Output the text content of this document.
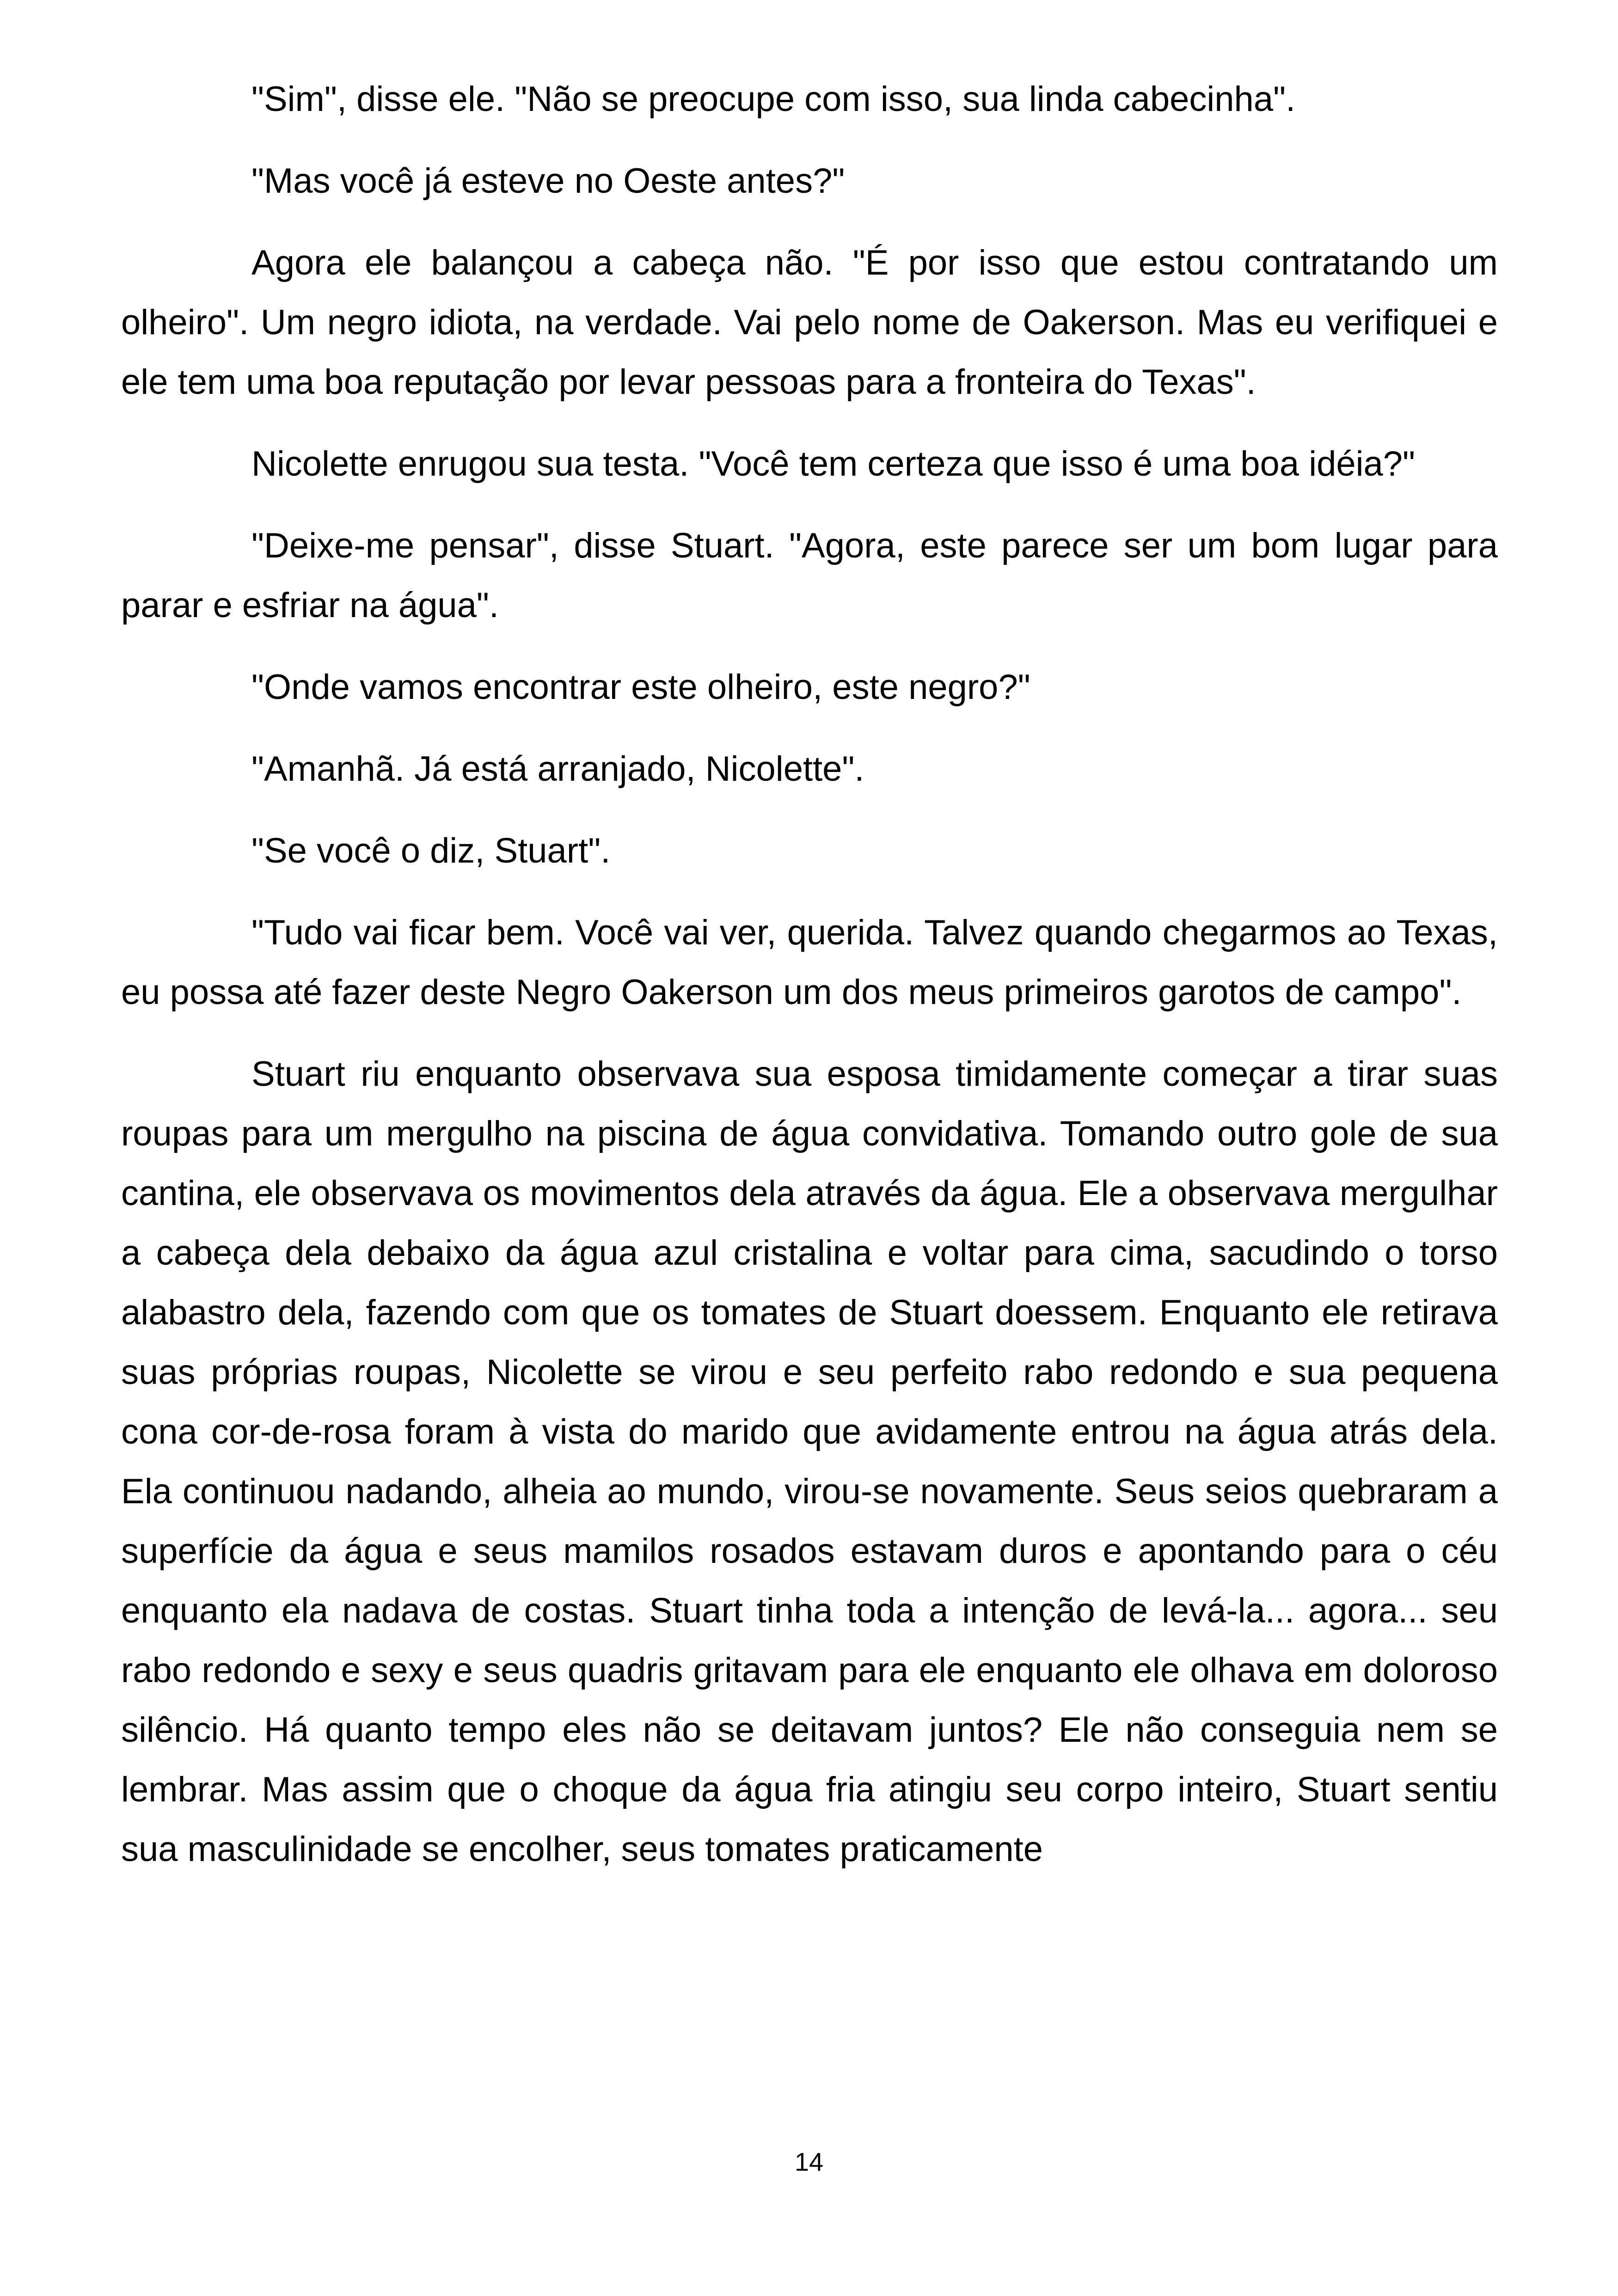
"Sim", disse ele. "Não se preocupe com isso, sua linda cabecinha".

"Mas você já esteve no Oeste antes?"

Agora ele balançou a cabeça não. "É por isso que estou contratando um olheiro". Um negro idiota, na verdade. Vai pelo nome de Oakerson. Mas eu verifiquei e ele tem uma boa reputação por levar pessoas para a fronteira do Texas".

Nicolette enrugou sua testa. "Você tem certeza que isso é uma boa idéia?"

"Deixe-me pensar", disse Stuart. "Agora, este parece ser um bom lugar para parar e esfriar na água".

"Onde vamos encontrar este olheiro, este negro?"

"Amanhã. Já está arranjado, Nicolette".

"Se você o diz, Stuart".

"Tudo vai ficar bem. Você vai ver, querida. Talvez quando chegarmos ao Texas, eu possa até fazer deste Negro Oakerson um dos meus primeiros garotos de campo".

Stuart riu enquanto observava sua esposa timidamente começar a tirar suas roupas para um mergulho na piscina de água convidativa. Tomando outro gole de sua cantina, ele observava os movimentos dela através da água. Ele a observava mergulhar a cabeça dela debaixo da água azul cristalina e voltar para cima, sacudindo o torso alabastro dela, fazendo com que os tomates de Stuart doessem. Enquanto ele retirava suas próprias roupas, Nicolette se virou e seu perfeito rabo redondo e sua pequena cona cor-de-rosa foram à vista do marido que avidamente entrou na água atrás dela. Ela continuou nadando, alheia ao mundo, virou-se novamente. Seus seios quebraram a superfície da água e seus mamilos rosados estavam duros e apontando para o céu enquanto ela nadava de costas. Stuart tinha toda a intenção de levá-la... agora... seu rabo redondo e sexy e seus quadris gritavam para ele enquanto ele olhava em doloroso silêncio. Há quanto tempo eles não se deitavam juntos? Ele não conseguia nem se lembrar. Mas assim que o choque da água fria atingiu seu corpo inteiro, Stuart sentiu sua masculinidade se encolher, seus tomates praticamente

14
